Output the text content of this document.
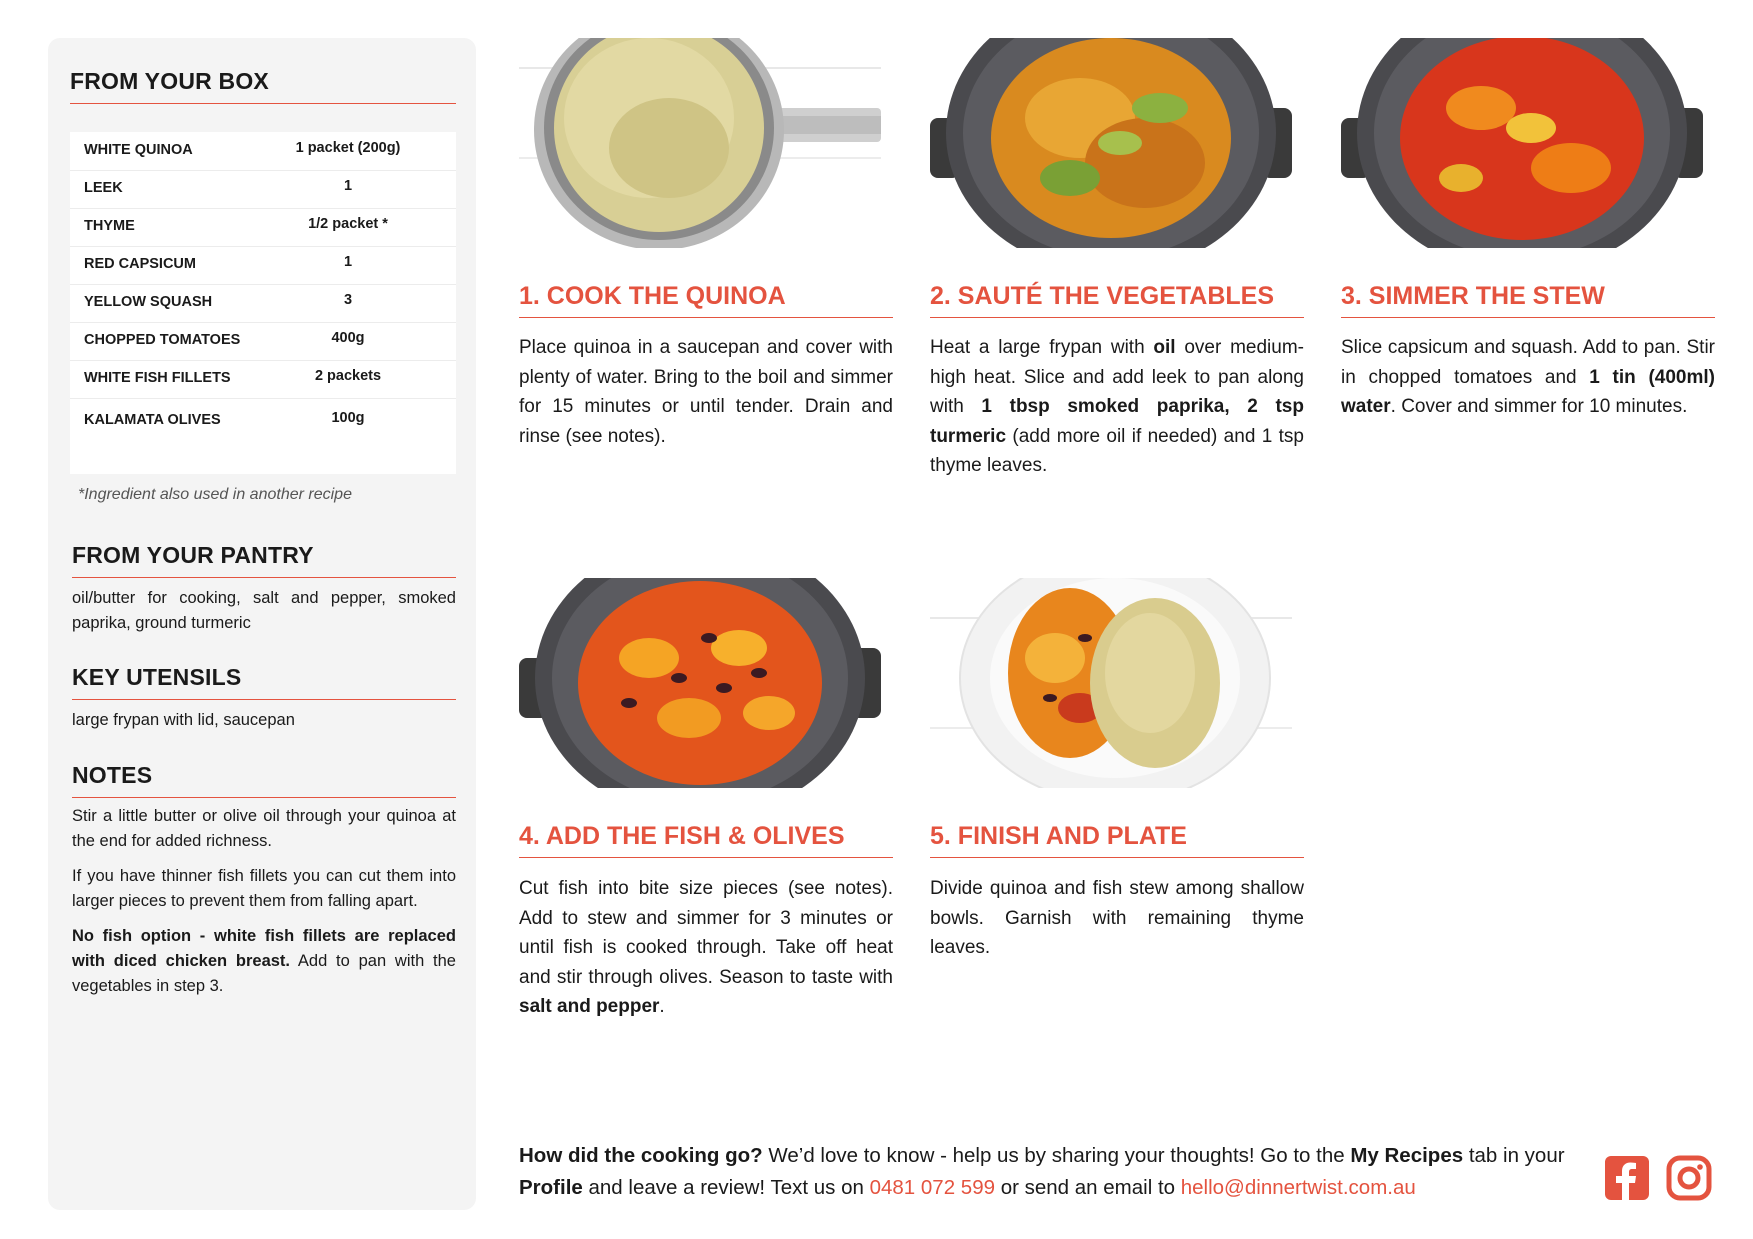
FROM YOUR BOX
WHITE QUINOA	1 packet (200g)
LEEK	1
THYME	1/2 packet *
RED CAPSICUM	1
YELLOW SQUASH	3
CHOPPED TOMATOES	400g
WHITE FISH FILLETS	2 packets
KALAMATA OLIVES	100g
*Ingredient also used in another recipe
FROM YOUR PANTRY

oil/butter for cooking, salt and pepper, smoked paprika, ground turmeric

KEY UTENSILS

large frypan with lid, saucepan

NOTES

Stir a little butter or olive oil through your quinoa at the end for added richness.

If you have thinner fish fillets you can cut them into larger pieces to prevent them from falling apart.

No fish option - white fish fillets are replaced with diced chicken breast. Add to pan with the vegetables in step 3.

1. COOK THE QUINOA

Place quinoa in a saucepan and cover with plenty of water. Bring to the boil and simmer for 15 minutes or until tender. Drain and rinse (see notes).

2. SAUTÉ THE VEGETABLES

Heat a large frypan with oil over medium-high heat. Slice and add leek to pan along with 1 tbsp smoked paprika, 2 tsp turmeric (add more oil if needed) and 1 tsp thyme leaves.

3. SIMMER THE STEW

Slice capsicum and squash. Add to pan. Stir in chopped tomatoes and 1 tin (400ml) water. Cover and simmer for 10 minutes.

4. ADD THE FISH & OLIVES

Cut fish into bite size pieces (see notes). Add to stew and simmer for 3 minutes or until fish is cooked through. Take off heat and stir through olives. Season to taste with salt and pepper.

5. FINISH AND PLATE

Divide quinoa and fish stew among shallow bowls. Garnish with remaining thyme leaves.

How did the cooking go? We’d love to know - help us by sharing your thoughts! Go to the My Recipes tab in your Profile and leave a review! Text us on 0481 072 599 or send an email to hello@dinnertwist.com.au
